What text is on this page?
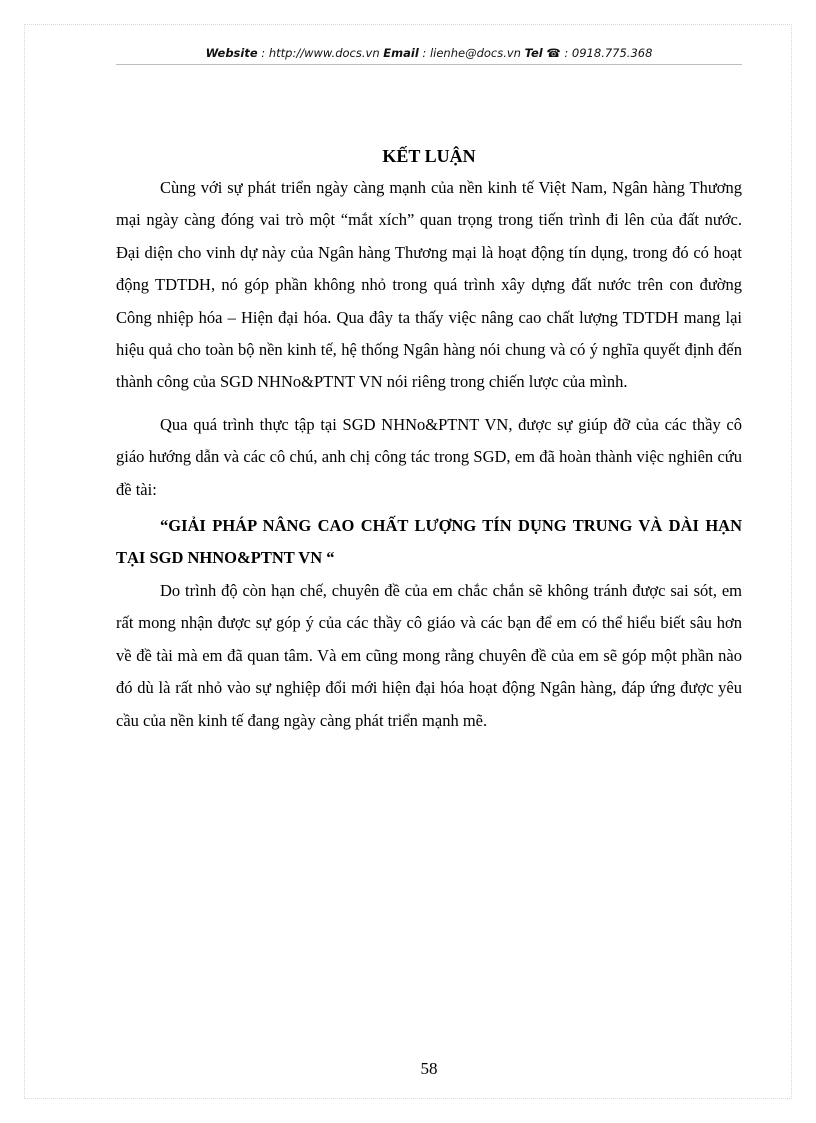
Website : http://www.docs.vn Email : lienhe@docs.vn Tel ☎ : 0918.775.368
KẾT LUẬN

Cùng với sự phát triển ngày càng mạnh của nền kinh tế Việt Nam, Ngân hàng Thương mại ngày càng đóng vai trò một “mắt xích” quan trọng trong tiến trình đi lên của đất nước. Đại diện cho vinh dự này của Ngân hàng Thương mại là hoạt động tín dụng, trong đó có hoạt động TDTDH, nó góp phần không nhỏ trong quá trình xây dựng đất nước trên con đường Công nhiệp hóa – Hiện đại hóa. Qua đây ta thấy việc nâng cao chất lượng TDTDH mang lại hiệu quả cho toàn bộ nền kinh tế, hệ thống Ngân hàng nói chung và có ý nghĩa quyết định đến thành công của SGD NHNo&PTNT VN nói riêng trong chiến lược của mình.

Qua quá trình thực tập tại SGD NHNo&PTNT VN, được sự giúp đỡ của các thầy cô giáo hướng dẫn và các cô chú, anh chị công tác trong SGD, em đã hoàn thành việc nghiên cứu đề tài:

“GIẢI PHÁP NÂNG CAO CHẤT LƯỢNG TÍN DỤNG TRUNG VÀ DÀI HẠN TẠI SGD NHNO&PTNT VN “

Do trình độ còn hạn chế, chuyên đề của em chắc chắn sẽ không tránh được sai sót, em rất mong nhận được sự góp ý của các thầy cô giáo và các bạn để em có thể hiểu biết sâu hơn về đề tài mà em đã quan tâm. Và em cũng mong rằng chuyên đề của em sẽ góp một phần nào đó dù là rất nhỏ vào sự nghiệp đổi mới hiện đại hóa hoạt động Ngân hàng, đáp ứng được yêu cầu của nền kinh tế đang ngày càng phát triển mạnh mẽ.

58
